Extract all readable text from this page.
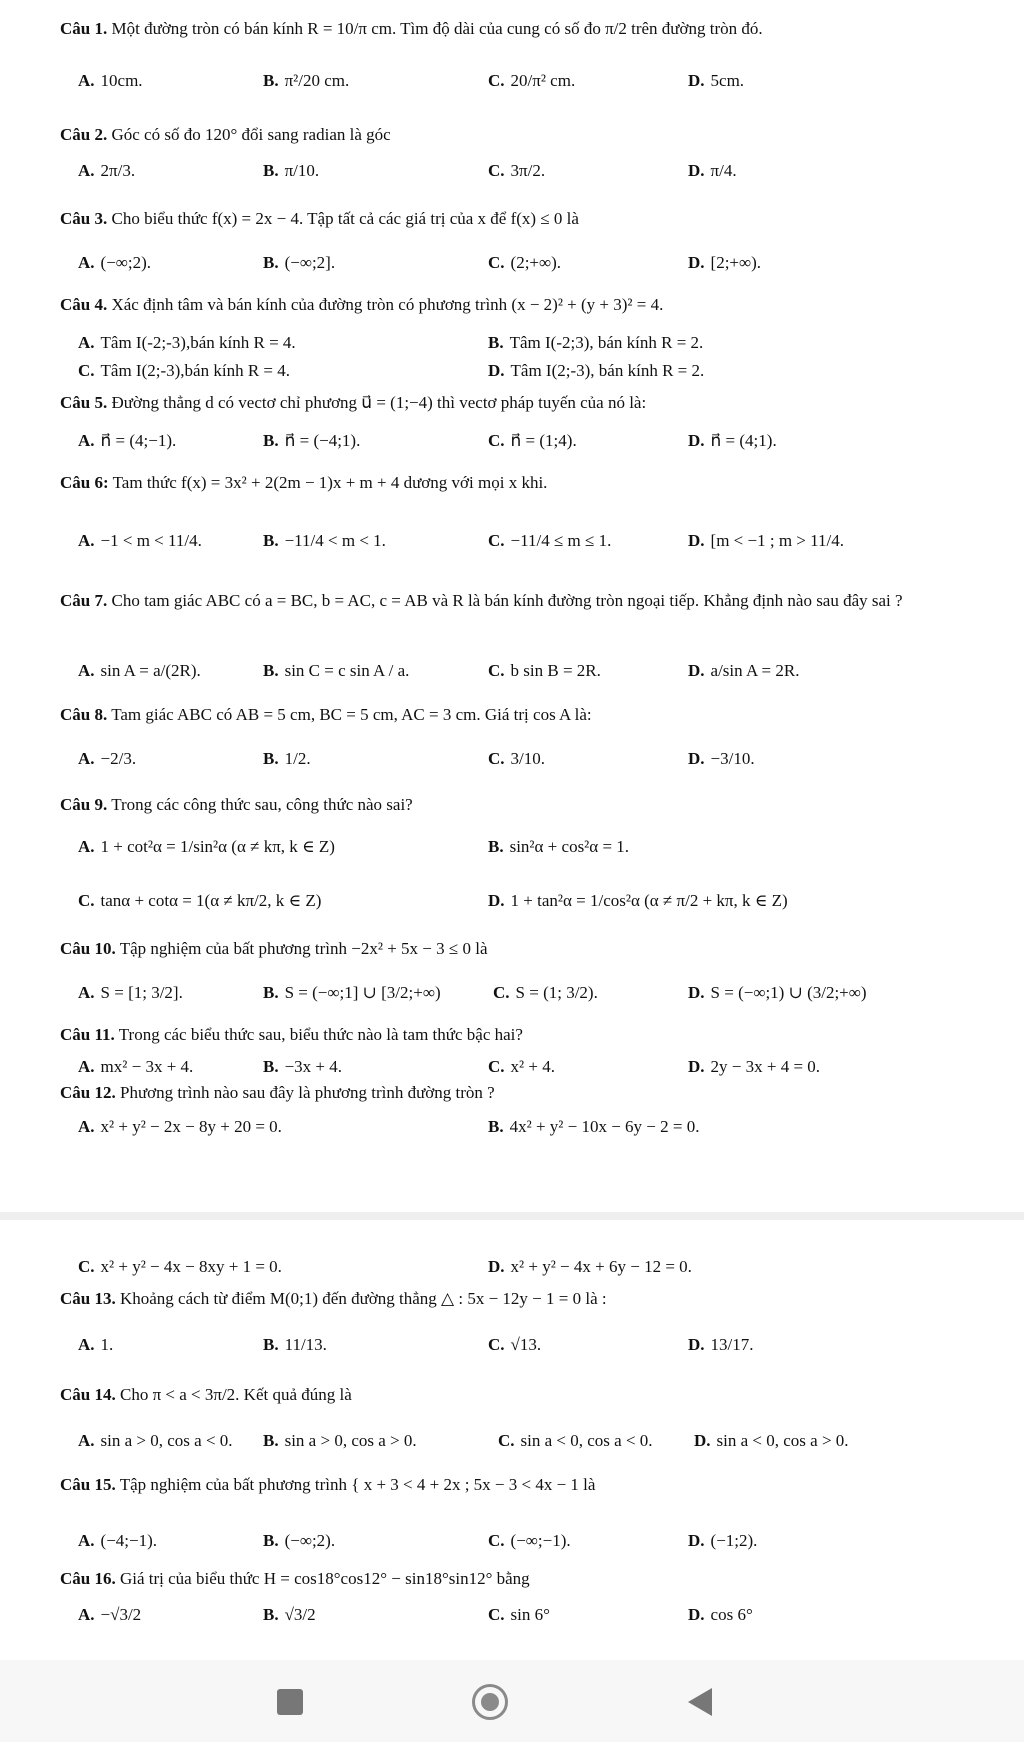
Câu 1. Một đường tròn có bán kính R = 10/π cm. Tìm độ dài của cung có số đo π/2 trên đường tròn đó.
A. 10cm.	B. π²/20 cm.	C. 20/π² cm.	D. 5cm.
Câu 2. Góc có số đo 120° đổi sang radian là góc
A. 2π/3.	B. π/10.	C. 3π/2.	D. π/4.
Câu 3. Cho biểu thức f(x) = 2x − 4. Tập tất cả các giá trị của x để f(x) ≤ 0 là
A. (−∞;2).	B. (−∞;2].	C. (2;+∞).	D. [2;+∞).
Câu 4. Xác định tâm và bán kính của đường tròn có phương trình (x − 2)² + (y + 3)² = 4.
A. Tâm I(-2;-3),bán kính R = 4.	B. Tâm I(-2;3), bán kính R = 2.
C. Tâm I(2;-3),bán kính R = 4.	D. Tâm I(2;-3), bán kính R = 2.
Câu 5. Đường thẳng d có vectơ chỉ phương u⃗ = (1;−4) thì vectơ pháp tuyến của nó là:
A. n⃗ = (4;−1).	B. n⃗ = (−4;1).	C. n⃗ = (1;4).	D. n⃗ = (4;1).
Câu 6: Tam thức f(x) = 3x² + 2(2m − 1)x + m + 4 dương với mọi x khi.
A. −1 < m < 11/4.	B. −11/4 < m < 1.	C. −11/4 ≤ m ≤ 1.	D. [m < −1 ; m > 11/4.
Câu 7. Cho tam giác ABC có a = BC, b = AC, c = AB và R là bán kính đường tròn ngoại tiếp. Khẳng định nào sau đây sai ?
A. sin A = a/(2R).	B. sin C = c sin A / a.	C. b sin B = 2R.	D. a/sin A = 2R.
Câu 8. Tam giác ABC có AB = 5 cm, BC = 5 cm, AC = 3 cm. Giá trị cos A là:
A. −2/3.	B. 1/2.	C. 3/10.	D. −3/10.
Câu 9. Trong các công thức sau, công thức nào sai?
A. 1 + cot²α = 1/sin²α (α ≠ kπ, k ∈ Z)	B. sin²α + cos²α = 1.
C. tanα + cotα = 1(α ≠ kπ/2, k ∈ Z)	D. 1 + tan²α = 1/cos²α (α ≠ π/2 + kπ, k ∈ Z)
Câu 10. Tập nghiệm của bất phương trình −2x² + 5x − 3 ≤ 0 là
A. S = [1; 3/2].	B. S = (−∞;1] ∪ [3/2;+∞)	C. S = (1; 3/2).	D. S = (−∞;1) ∪ (3/2;+∞)
Câu 11. Trong các biểu thức sau, biểu thức nào là tam thức bậc hai?
A. mx² − 3x + 4.	B. −3x + 4.	C. x² + 4.	D. 2y − 3x + 4 = 0.
Câu 12. Phương trình nào sau đây là phương trình đường tròn ?
A. x² + y² − 2x − 8y + 20 = 0.	B. 4x² + y² − 10x − 6y − 2 = 0.
C. x² + y² − 4x − 8xy + 1 = 0.	D. x² + y² − 4x + 6y − 12 = 0.
Câu 13. Khoảng cách từ điểm M(0;1) đến đường thẳng △ : 5x − 12y − 1 = 0 là :
A. 1.	B. 11/13.	C. √13.	D. 13/17.
Câu 14. Cho π < a < 3π/2. Kết quả đúng là
A. sin a > 0, cos a < 0. B. sin a > 0, cos a > 0.	C. sin a < 0, cos a < 0. D. sin a < 0, cos a > 0.
Câu 15. Tập nghiệm của bất phương trình { x + 3 < 4 + 2x ; 5x − 3 < 4x − 1 là
A. (−4;−1).	B. (−∞;2).	C. (−∞;−1).	D. (−1;2).
Câu 16. Giá trị của biểu thức H = cos18°cos12° − sin18°sin12° bằng
A. −√3/2	B. √3/2	C. sin 6°	D. cos 6°
